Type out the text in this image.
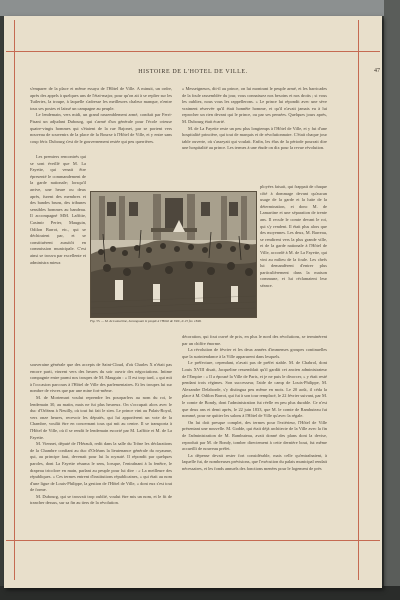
HISTOIRE DE L'HOTEL DE VILLE.	47

s'emparer de la place et même essaya de l'Hôtel de Ville. A minuit, un ordre, après des appels à quelques uns de l'état-major, pour qu'on ait à se replier sur les Tuileries, la troupe, à laquelle s'adresse les meilleures chaleur manque, n'entre tous ses postes et laissé un campagne au peuple.

Le lendemain, vers midi, un grand rassemblement armé, conduit par Ferri-Pisani un adjudant Dubourg, qui s'armé d'un générale pour l'école crieuse quatre-vingts hommes qui s'étaient de la rue Bajonet, par se portent vers nouveau de souvenirs de la place de la Bourse à l'Hôtel de Ville, et y entre sans coup férir. Dubourg s'est de le gouvernement restée qui peu querrières.

Les premiers rencontrés qui se sont éveillé que M. La Fayette, qui venait être épresenté le commandement de la garde nationale; lorsqu'il arrive, une heure ou deux après, furent des membres et des bandes bruns, des tribunes sensibles hommes au bandeau. Il accompagné MM. Laffitte, Casimir Perier, Mauguin, Odilon Barrot, etc., qui se déchiraient par, et se constituèrent aussitôt en commission municipale. C'est ainsi se trouva par excellente et administra mieux

souveraine générale que des accepts de Saint-Cloud, d'où Charles X n'était pas encore parti, vinrent vers des heures du soir ouvrir des négociations. Intime compagnie entre parmi nos troupes de M. Mauguin : « Il est trop tard, » qui mit à l'occasion parcours à l'Hôtel de Ville des parlementaires. Et les troupes lui sur nombre de vivres que par une mine fort-même.

M. de Mortemart voulut reprendre les pourparlers au nom du roi, le lendemain 30, au matin, mais ne fut plus heureux. On s'occupait alors avec le duc d'Orléans à Neuilly, où tout fut fait le sien. Le prince vint au Palais-Royal, vers onze heures, recevoir les députés, qui lui apportèrent un vote de la Chambre, voulût être en concernant tous qui mit au centre. Il se transporta à l'Hôtel de Ville, où il se rendit le lendemain escorté par M. Laffitte et M. de La Fayette.

M. Viennet, député de l'Hérault, redit dans la salle du Trône les déclarations de la Chambre confiant au duc d'Orléans la lieutenance générale du royaume, qui, au principe faut, devenait pour lui la royauté. Il répondit par quelques paroles, dont La Fayette résuma le sens, lorsque, l'entraînant à la fenêtre, le drapeau tricolore en main, parlant au peuple pour lui dire : « La meilleure des républiques. » Ces termes entrent d'institutions républicaines, » qui était au nom d'une ligue de Louis-Philippe, la gestion de l'Hôtel de Ville, « dont eux s'est tout de forme.

M. Dubourg, qui se trouvait trop oublié, voulut être mis un nom, et le fit de trancher dessus, sur sa fin au tiers de la révolution.

« Messeigneurs, dit-il au prince, on lui montrant le peuple armé, et les barricades de la foule rassemblée du jour, vous connaissez nos besoins et nos droits ; si vous les oubliez, nous vous les rappellerons. » Le prince lui répondit avec une sève vraiment réservée qu'il était honnête homme, et qu'il n'avait jamais eu à lui reprocher un rien devant qui le prince, ou par ses pensées. Quelques jours après, M. Dubourg était écarté.

M. de La Fayette reste un peu plus longtemps à l'Hôtel de Ville, et y fut d'une hospitalité princière, qui tout de marquis et de révolutionnaire. C'était chaque jour table ouverte, où s'asseyait qui voulait. Enfin, les élus de la période pourrait dire une hospitalité au prince. Les termes à une étude on dix pour la revue révolution.

ployées faisait, qui frappait de chaque côté à dommage devant qu'aucun usage de la garde et la lutte de la détermination, et donc M. de Lamartine et une séparation de trente ans. Il recule le comte devant le roi, qui s'y rendent. Il était plus alors que des moyennes. Les deux, M. Barreau, se rendirent vers la plus grande ville, et de la garde nationale à l'Hôtel de Ville, accordé à M. de La Fayette, qui vint au milieu de la foule. Les chefs lui demandèrent d'entrer plus particulièrement dans la maison commune, et lui réclamaient leur séance.

décoration, qui fout ouvré de prix, en plus le nord des révolutions, se terminèrent par un chiffre énorme.

La révolution de février et les deux années d'immenses groupes continuelles que la surintendance à la Ville apparurent dans lesquels.

Le préfecture, cependant, n'avait pas de préfet stable. M. de Chabrol, dont Louis XVIII disait, Jacqueline ressemblait qu'il gardât cet ancien administrateur de l'Empire : « Il a épousé la Ville de Paris, et je ne puis le divorcer, » y était resté pendant trois régimes. Son successeur, l'aide de camp de Louis-Philippe, M. Alexandre Delaborde, s'y distingua peu même en mois. Le 20 août, il céda la place à M. Odilon Barrot, qui fut à son tour remplacé, le 22 février suivant, par M. le comte de Bondy, dont l'administration fut réelle en peu plus durable. Ce n'est que deux ans et demi après, le 22 juin 1833, que M. le comte de Rambuteau fut nommé, pour ne quitter les salons à l'Hôtel de Ville qu'avec la régale.

On lui doit presque complet, des termes pour l'extérieur, l'Hôtel de Ville présentant une nouvelle. M. Godde, qui était déjà architecte de la Ville avec la fin de l'administration de M. Rambuteau, avait donné des plans dont la devise, reproduit par M. de Bondy, tomber directement à cette dernière bout, fut même accueilli de nouveau préfet.

La dépense devait rester fort considérable, mais celle qu'entraînaient, à laquelle fut, de nombreuses prévisions, que l'exécution du palais municipal rendait nécessaires, et les fonds annuels des fonctions menées pour le logement de près

Fig. 55. — M. de Lamartine, haranguant le peuple à l'Hôtel de Ville, le 25 fev. 1848.
